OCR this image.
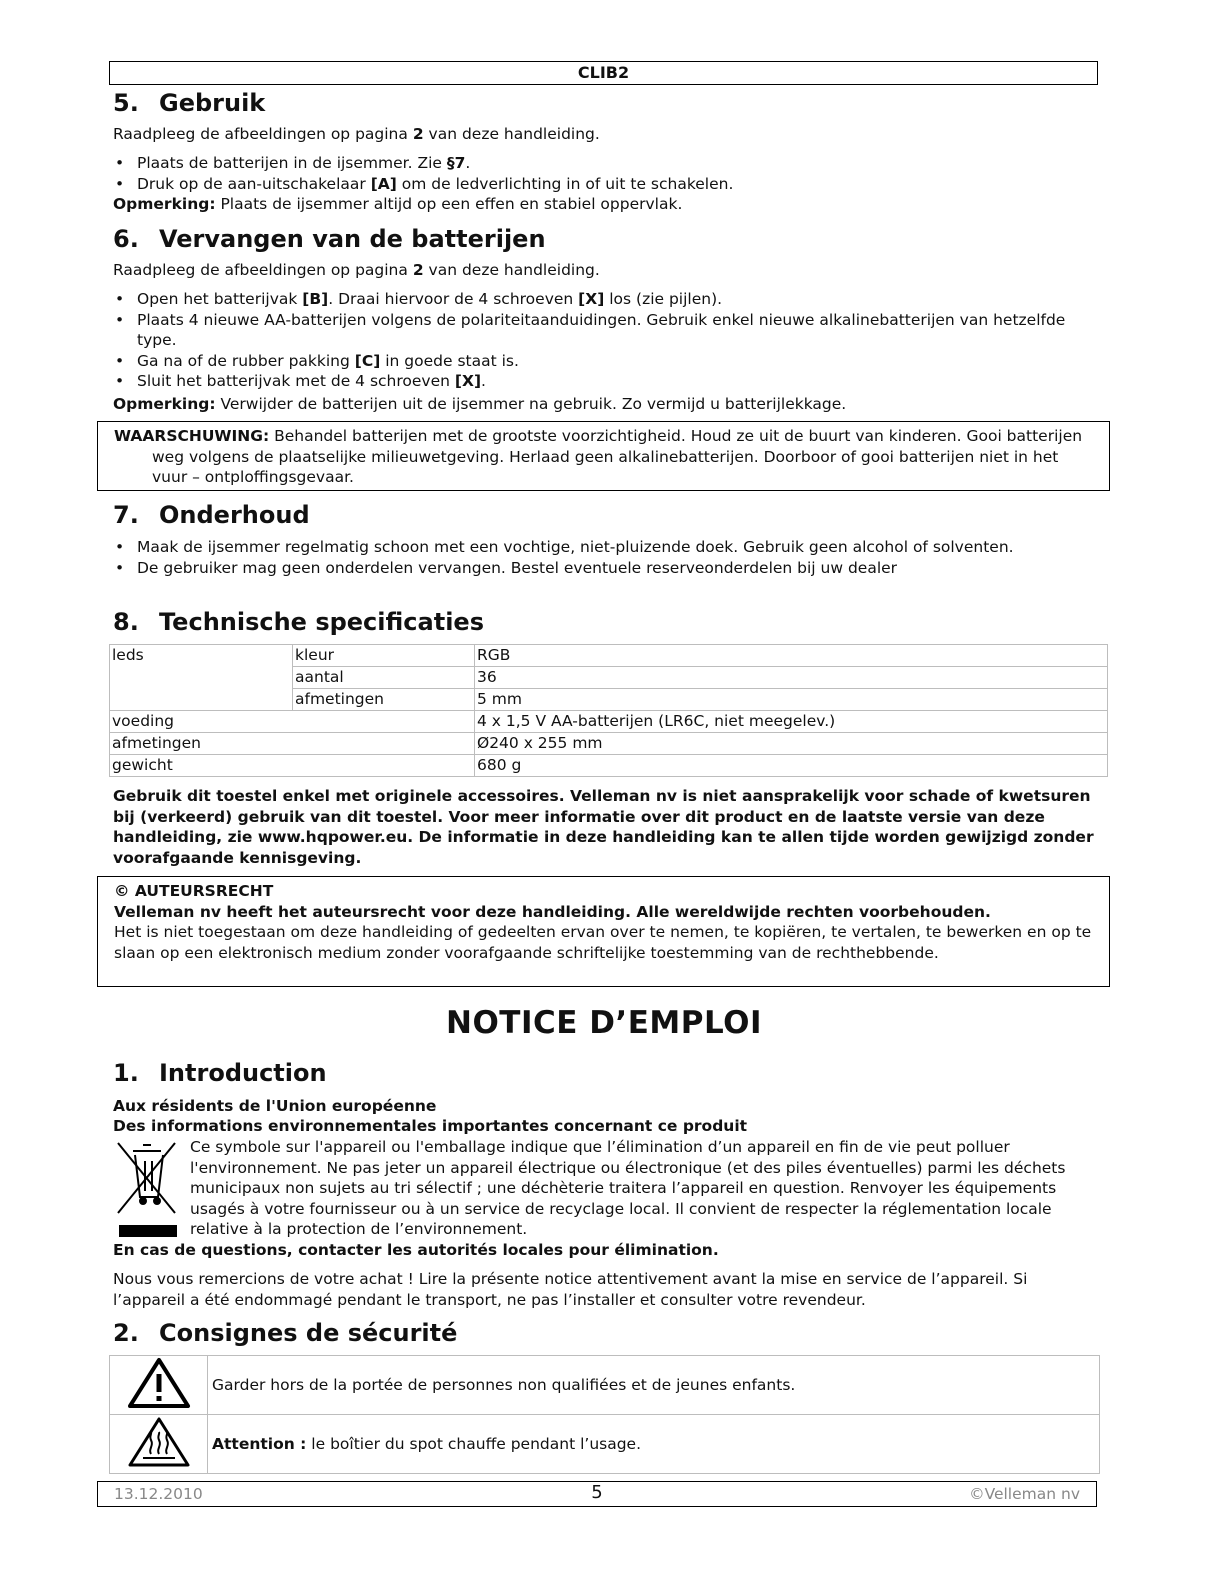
CLIB2
5. Gebruik

Raadpleeg de afbeeldingen op pagina 2 van deze handleiding.

• Plaats de batterijen in de ijsemmer. Zie §7.
• Druk op de aan-uitschakelaar [A] om de ledverlichting in of uit te schakelen.

Opmerking: Plaats de ijsemmer altijd op een effen en stabiel oppervlak.

6. Vervangen van de batterijen

Raadpleeg de afbeeldingen op pagina 2 van deze handleiding.

• Open het batterijvak [B]. Draai hiervoor de 4 schroeven [X] los (zie pijlen).
• Plaats 4 nieuwe AA-batterijen volgens de polariteitaanduidingen. Gebruik enkel nieuwe alkalinebatterijen van hetzelfde type.
• Ga na of de rubber pakking [C] in goede staat is.
• Sluit het batterijvak met de 4 schroeven [X].

Opmerking: Verwijder de batterijen uit de ijsemmer na gebruik. Zo vermijd u batterijlekkage.

WAARSCHUWING: Behandel batterijen met de grootste voorzichtigheid. Houd ze uit de buurt van kinderen. Gooi batterijen weg volgens de plaatselijke milieuwetgeving. Herlaad geen alkalinebatterijen. Doorboor of gooi batterijen niet in het vuur – ontploffingsgevaar.

7. Onderhoud
• Maak de ijsemmer regelmatig schoon met een vochtige, niet-pluizende doek. Gebruik geen alcohol of solventen.
• De gebruiker mag geen onderdelen vervangen. Bestel eventuele reserveonderdelen bij uw dealer
8. Technische specificaties
leds	kleur	RGB
	aantal	36
	afmetingen	5 mm
voeding		4 x 1,5 V AA-batterijen (LR6C, niet meegelev.)
afmetingen		Ø240 x 255 mm
gewicht		680 g

Gebruik dit toestel enkel met originele accessoires. Velleman nv is niet aansprakelijk voor schade of kwetsuren bij (verkeerd) gebruik van dit toestel. Voor meer informatie over dit product en de laatste versie van deze handleiding, zie www.hqpower.eu. De informatie in deze handleiding kan te allen tijde worden gewijzigd zonder voorafgaande kennisgeving.

© AUTEURSRECHT

Velleman nv heeft het auteursrecht voor deze handleiding. Alle wereldwijde rechten voorbehouden.

Het is niet toegestaan om deze handleiding of gedeelten ervan over te nemen, te kopiëren, te vertalen, te bewerken en op te slaan op een elektronisch medium zonder voorafgaande schriftelijke toestemming van de rechthebbende.

NOTICE D’EMPLOI
1. Introduction

Aux résidents de l'Union européenne

Des informations environnementales importantes concernant ce produit

Ce symbole sur l'appareil ou l'emballage indique que l’élimination d’un appareil en fin de vie peut polluer l'environnement. Ne pas jeter un appareil électrique ou électronique (et des piles éventuelles) parmi les déchets municipaux non sujets au tri sélectif ; une déchèterie traitera l’appareil en question. Renvoyer les équipements usagés à votre fournisseur ou à un service de recyclage local. Il convient de respecter la réglementation locale relative à la protection de l’environnement.

En cas de questions, contacter les autorités locales pour élimination.

Nous vous remercions de votre achat ! Lire la présente notice attentivement avant la mise en service de l’appareil. Si l’appareil a été endommagé pendant le transport, ne pas l’installer et consulter votre revendeur.

2. Consignes de sécurité
	Garder hors de la portée de personnes non qualifiées et de jeunes enfants.
	Attention : le boîtier du spot chauffe pendant l’usage.
13.12.2010	5	©Velleman nv
